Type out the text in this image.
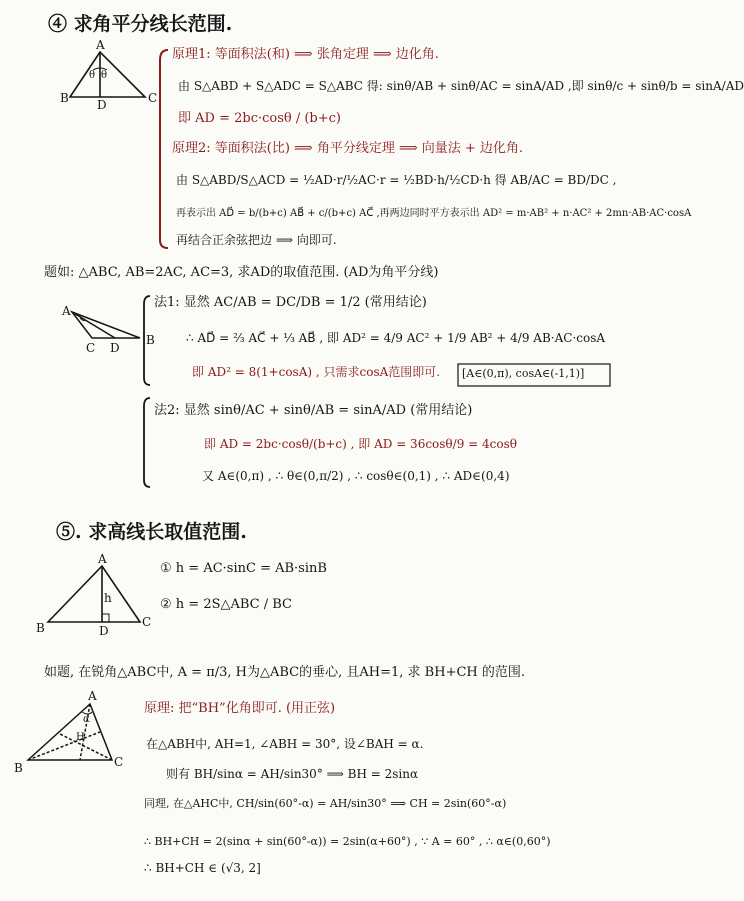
④ 求角平分线长范围.
A
B	C
D
θ θ
原理1: 等面积法(和) ⟹ 张角定理 ⟹ 边化角.
由 S△ABD + S△ADC = S△ABC 得: sinθ/AB + sinθ/AC = sinA/AD ,即 sinθ/c + sinθ/b = sinA/AD
即 AD = 2bc·cosθ / (b+c)
原理2: 等面积法(比) ⟹ 角平分线定理 ⟹ 向量法 + 边化角.
由 S△ABD/S△ACD = ½AD·r/½AC·r = ½BD·h/½CD·h 得 AB/AC = BD/DC ,
再表示出 AD⃗ = b/(b+c) AB⃗ + c/(b+c) AC⃗ ,再两边同时平方表示出 AD² = m·AB² + n·AC² + 2mn·AB·AC·cosA
再结合正余弦把边 ⟹ 向即可.
题如: △ABC, AB=2AC, AC=3, 求AD的取值范围. (AD为角平分线)
A
B
C D
法1: 显然 AC/AB = DC/DB = 1/2 (常用结论)
∴ AD⃗ = ⅔ AC⃗ + ⅓ AB⃗ , 即 AD² = 4/9 AC² + 1/9 AB² + 4/9 AB·AC·cosA
即 AD² = 8(1+cosA) , 只需求cosA范围即可. [A∈(0,π), cosA∈(-1,1)]
法2: 显然 sinθ/AC + sinθ/AB = sinA/AD (常用结论)
即 AD = 2bc·cosθ/(b+c) , 即 AD = 36cosθ/9 = 4cosθ
又 A∈(0,π) , ∴ θ∈(0,π/2) , ∴ cosθ∈(0,1) , ∴ AD∈(0,4)
⑤. 求高线长取值范围.
A
B	C
D
h
① h = AC·sinC = AB·sinB
② h = 2S△ABC / BC
如题, 在锐角△ABC中, A = π/3, H为△ABC的垂心, 且AH=1, 求 BH+CH 的范围.
A
B	C
H
α
原理: 把“BH”化角即可. (用正弦)
在△ABH中, AH=1, ∠ABH = 30°, 设∠BAH = α.
则有 BH/sinα = AH/sin30° ⟹ BH = 2sinα
同理, 在△AHC中, CH/sin(60°-α) = AH/sin30° ⟹ CH = 2sin(60°-α)
∴ BH+CH = 2(sinα + sin(60°-α)) = 2sin(α+60°) , ∵ A = 60° , ∴ α∈(0,60°)
∴ BH+CH ∈ (√3, 2]
